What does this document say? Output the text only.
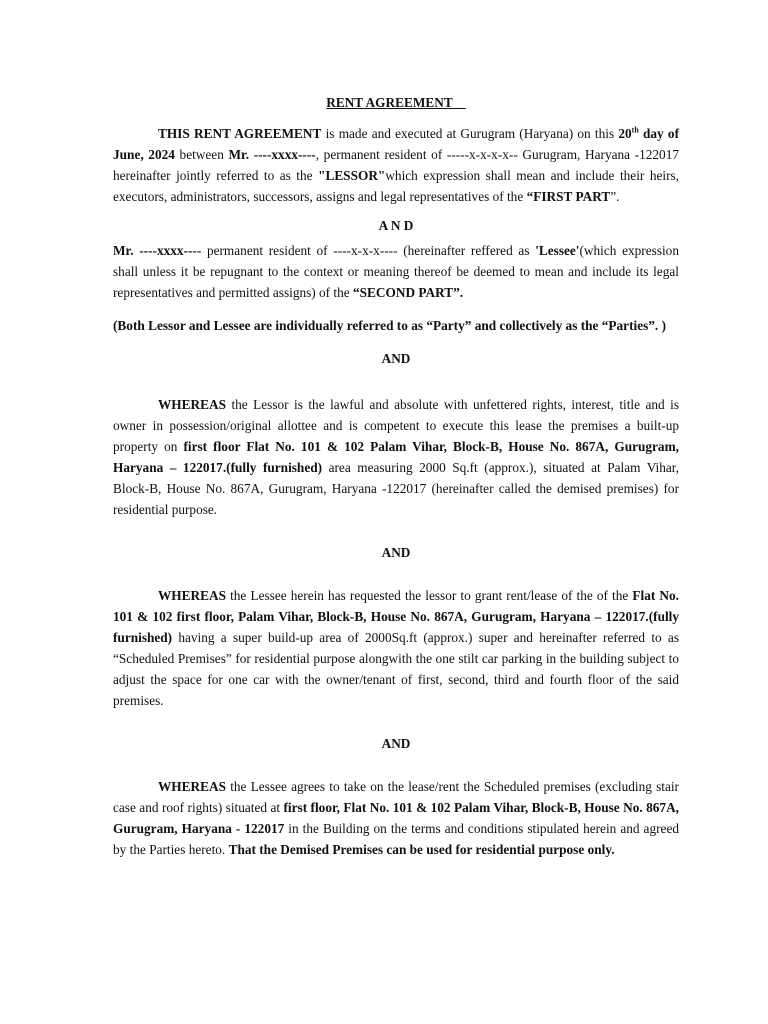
RENT AGREEMENT

THIS RENT AGREEMENT is made and executed at Gurugram (Haryana) on this 20th day of June, 2024 between Mr. ----xxxx----, permanent resident of -----x-x-x-x-- Gurugram, Haryana -122017 hereinafter jointly referred to as the "LESSOR"which expression shall mean and include their heirs, executors, administrators, successors, assigns and legal representatives of the “FIRST PART”.

A N D

Mr. ----xxxx---- permanent resident of ----x-x-x---- (hereinafter reffered as 'Lessee'(which expression shall unless it be repugnant to the context or meaning thereof be deemed to mean and include its legal representatives and permitted assigns) of the “SECOND PART”.

(Both Lessor and Lessee are individually referred to as “Party” and collectively as the “Parties”. )

AND

WHEREAS the Lessor is the lawful and absolute with unfettered rights, interest, title and is owner in possession/original allottee and is competent to execute this lease the premises a built-up property on first floor Flat No. 101 & 102 Palam Vihar, Block-B, House No. 867A, Gurugram, Haryana – 122017.(fully furnished) area measuring 2000 Sq.ft (approx.), situated at Palam Vihar, Block-B, House No. 867A, Gurugram, Haryana -122017 (hereinafter called the demised premises) for residential purpose.

AND

WHEREAS the Lessee herein has requested the lessor to grant rent/lease of the of the Flat No. 101 & 102 first floor, Palam Vihar, Block-B, House No. 867A, Gurugram, Haryana – 122017.(fully furnished) having a super build-up area of 2000Sq.ft (approx.) super and hereinafter referred to as “Scheduled Premises” for residential purpose alongwith the one stilt car parking in the building subject to adjust the space for one car with the owner/tenant of first, second, third and fourth floor of the said premises.

AND

WHEREAS the Lessee agrees to take on the lease/rent the Scheduled premises (excluding stair case and roof rights) situated at first floor, Flat No. 101 & 102 Palam Vihar, Block-B, House No. 867A, Gurugram, Haryana - 122017 in the Building on the terms and conditions stipulated herein and agreed by the Parties hereto. That the Demised Premises can be used for residential purpose only.
